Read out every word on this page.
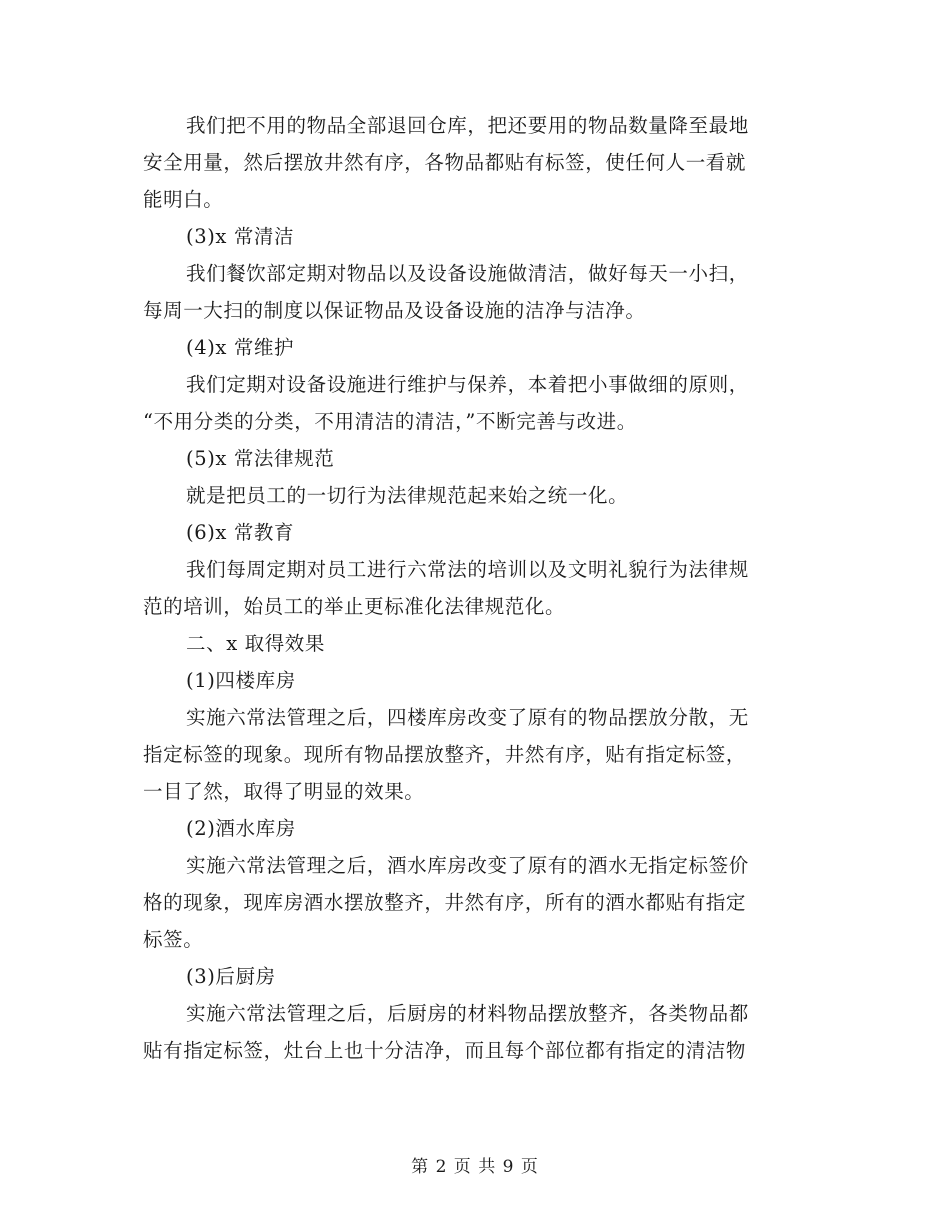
我们把不用的物品全部退回仓库，把还要用的物品数量降至最地
安全用量，然后摆放井然有序，各物品都贴有标签，使任何人一看就
能明白。
(3)x 常清洁
我们餐饮部定期对物品以及设备设施做清洁，做好每天一小扫，
每周一大扫的制度以保证物品及设备设施的洁净与洁净。
(4)x 常维护
我们定期对设备设施进行维护与保养，本着把小事做细的原则，
“不用分类的分类，不用清洁的清洁，”不断完善与改进。
(5)x 常法律规范
就是把员工的一切行为法律规范起来始之统一化。
(6)x 常教育
我们每周定期对员工进行六常法的培训以及文明礼貌行为法律规
范的培训，始员工的举止更标准化法律规范化。
二、x 取得效果
(1)四楼库房
实施六常法管理之后，四楼库房改变了原有的物品摆放分散，无
指定标签的现象。现所有物品摆放整齐，井然有序，贴有指定标签，
一目了然，取得了明显的效果。
(2)酒水库房
实施六常法管理之后，酒水库房改变了原有的酒水无指定标签价
格的现象，现库房酒水摆放整齐，井然有序，所有的酒水都贴有指定
标签。
(3)后厨房
实施六常法管理之后，后厨房的材料物品摆放整齐，各类物品都
贴有指定标签，灶台上也十分洁净，而且每个部位都有指定的清洁物
第 2 页 共 9 页
